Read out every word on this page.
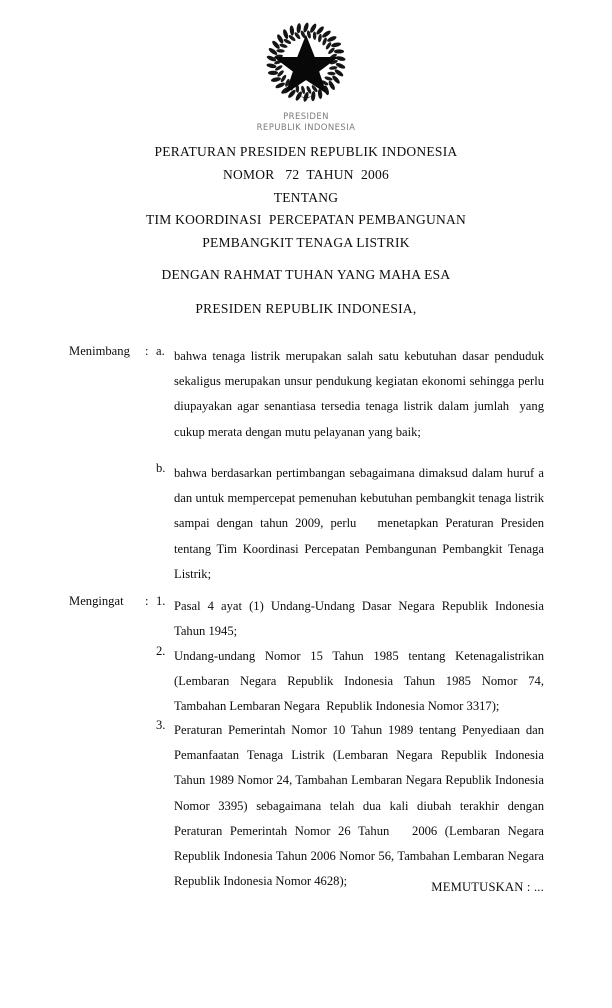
PRESIDEN
REPUBLIK INDONESIA
PERATURAN PRESIDEN REPUBLIK INDONESIA
NOMOR   72  TAHUN  2006
TENTANG
TIM KOORDINASI  PERCEPATAN PEMBANGUNAN
PEMBANGKIT TENAGA LISTRIK
DENGAN RAHMAT TUHAN YANG MAHA ESA
PRESIDEN REPUBLIK INDONESIA,
Menimbang	: a. bahwa tenaga listrik merupakan salah satu kebutuhan dasar penduduk sekaligus merupakan unsur pendukung kegiatan ekonomi sehingga perlu diupayakan agar senantiasa tersedia tenaga listrik dalam jumlah  yang cukup merata dengan mutu pelayanan yang baik;
b. bahwa berdasarkan pertimbangan sebagaimana dimaksud dalam huruf a dan untuk mempercepat pemenuhan kebutuhan pembangkit tenaga listrik sampai dengan tahun 2009, perlu   menetapkan Peraturan Presiden tentang Tim Koordinasi Percepatan Pembangunan Pembangkit Tenaga Listrik;
Mengingat	: 1. Pasal 4 ayat (1) Undang-Undang Dasar Negara Republik Indonesia Tahun 1945;
2. Undang-undang Nomor 15 Tahun 1985 tentang Ketenagalistrikan (Lembaran Negara Republik Indonesia Tahun 1985 Nomor 74, Tambahan Lembaran Negara  Republik Indonesia Nomor 3317);
3. Peraturan Pemerintah Nomor 10 Tahun 1989 tentang Penyediaan dan Pemanfaatan Tenaga Listrik (Lembaran Negara Republik Indonesia Tahun 1989 Nomor 24, Tambahan Lembaran Negara Republik Indonesia Nomor 3395) sebagaimana telah dua kali diubah terakhir dengan Peraturan Pemerintah Nomor 26 Tahun   2006 (Lembaran Negara Republik Indonesia Tahun 2006 Nomor 56, Tambahan Lembaran Negara Republik Indonesia Nomor 4628);	MEMUTUSKAN : ...
